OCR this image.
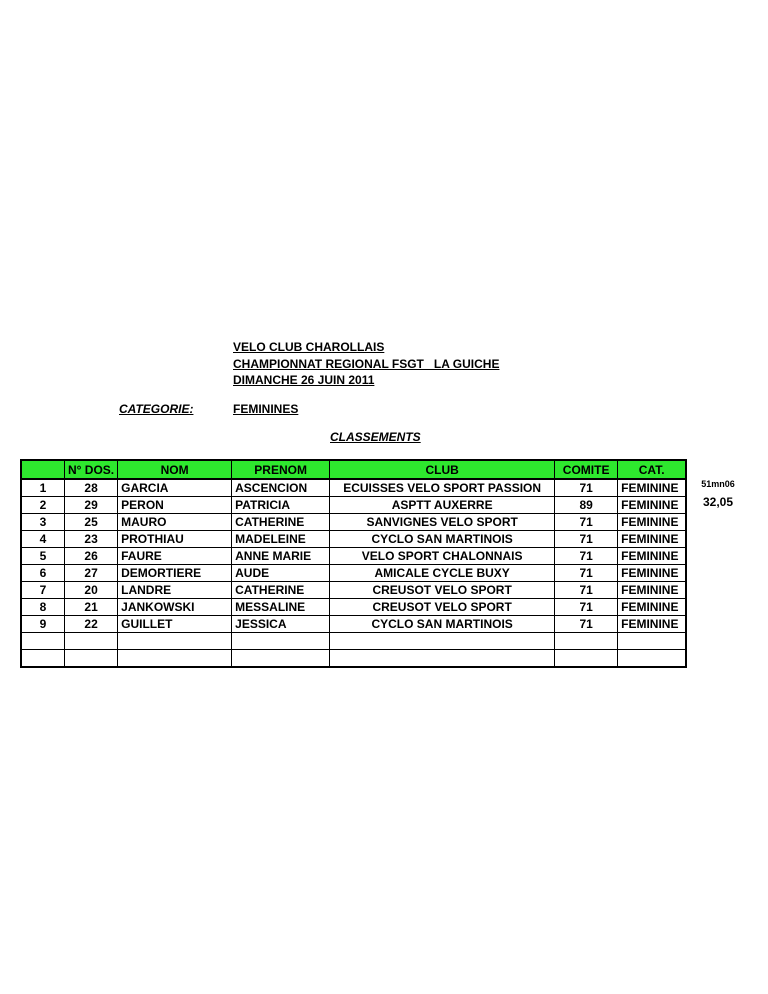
VELO CLUB CHAROLLAIS
CHAMPIONNAT REGIONAL FSGT   LA GUICHE
DIMANCHE 26 JUIN 2011
CATEGORIE:	FEMININES
CLASSEMENTS
	N° DOS.	NOM	PRENOM	CLUB	COMITE	CAT.
1	28	GARCIA	ASCENCION	ECUISSES VELO SPORT PASSION	71	FEMININE
2	29	PERON	PATRICIA	ASPTT AUXERRE	89	FEMININE
3	25	MAURO	CATHERINE	SANVIGNES VELO SPORT	71	FEMININE
4	23	PROTHIAU	MADELEINE	CYCLO SAN MARTINOIS	71	FEMININE
5	26	FAURE	ANNE MARIE	VELO SPORT CHALONNAIS	71	FEMININE
6	27	DEMORTIERE	AUDE	AMICALE CYCLE BUXY	71	FEMININE
7	20	LANDRE	CATHERINE	CREUSOT VELO SPORT	71	FEMININE
8	21	JANKOWSKI	MESSALINE	CREUSOT VELO SPORT	71	FEMININE
9	22	GUILLET	JESSICA	CYCLO SAN MARTINOIS	71	FEMININE

51mn06
32,05
